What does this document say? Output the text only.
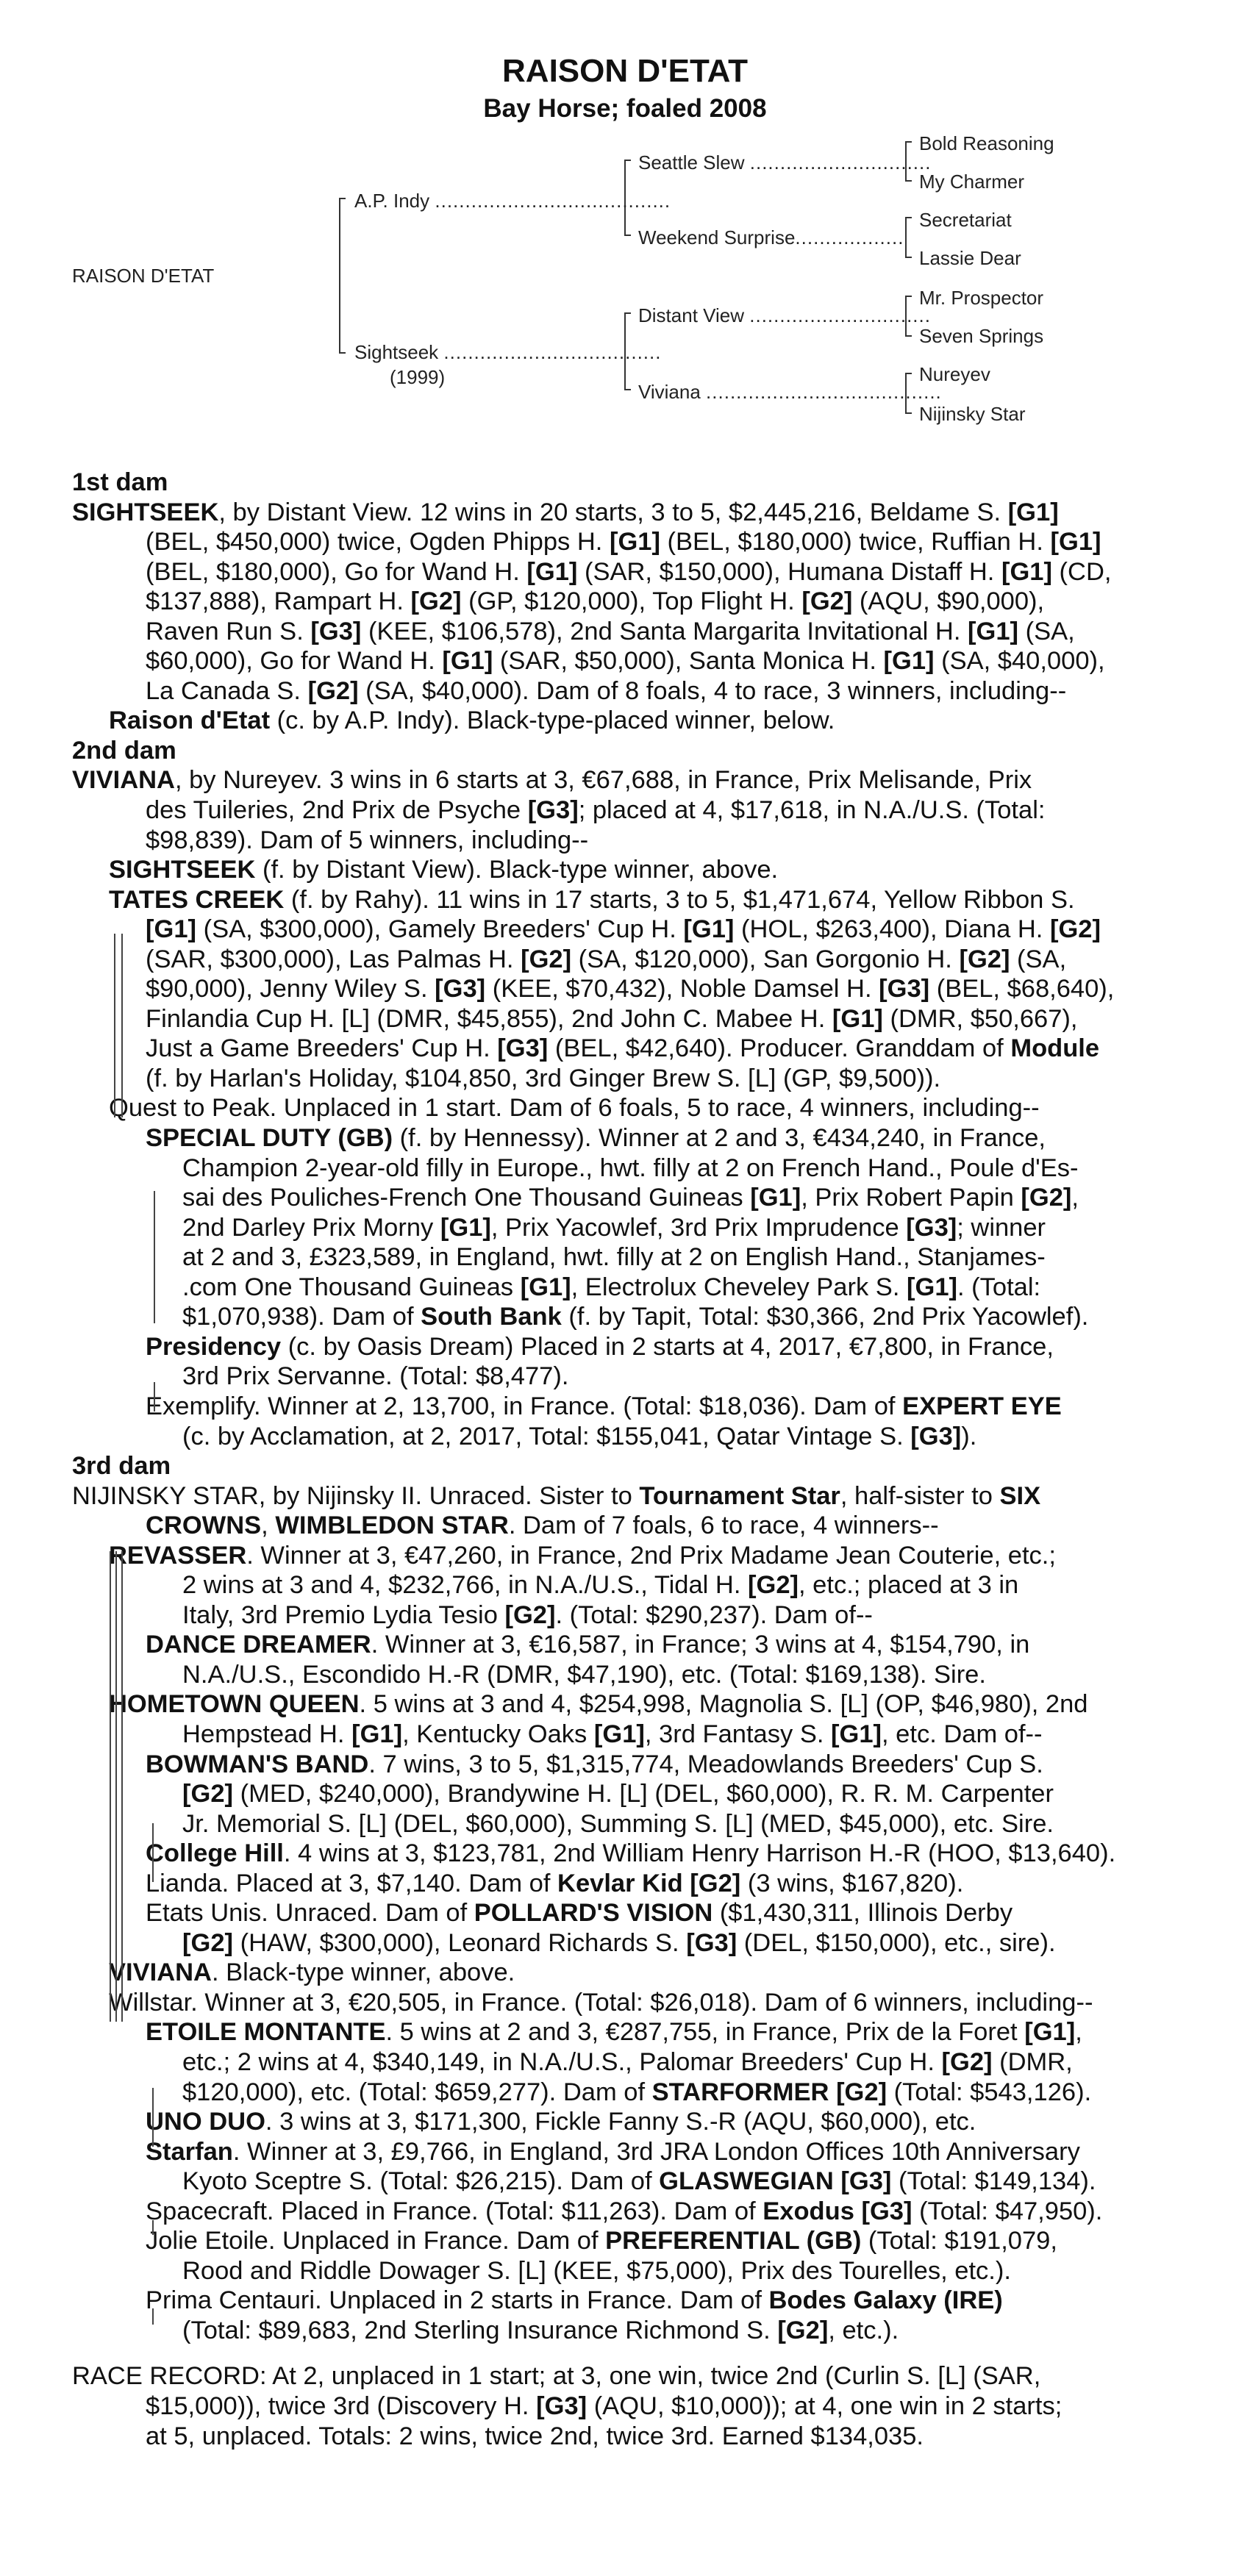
RAISON D'ETAT
Bay Horse; foaled 2008
RAISON D'ETAT
A.P. Indy .......................................
Sightseek ....................................
(1999)
Seattle Slew ..............................
Weekend Surprise..................
Distant View ..............................
Viviana .......................................
Bold Reasoning
My Charmer
Secretariat
Lassie Dear
Mr. Prospector
Seven Springs
Nureyev
Nijinsky Star
1st dam
SIGHTSEEK, by Distant View. 12 wins in 20 starts, 3 to 5, $2,445,216, Beldame S. [G1]
(BEL, $450,000) twice, Ogden Phipps H. [G1] (BEL, $180,000) twice, Ruffian H. [G1]
(BEL, $180,000), Go for Wand H. [G1] (SAR, $150,000), Humana Distaff H. [G1] (CD,
$137,888), Rampart H. [G2] (GP, $120,000), Top Flight H. [G2] (AQU, $90,000),
Raven Run S. [G3] (KEE, $106,578), 2nd Santa Margarita Invitational H. [G1] (SA,
$60,000), Go for Wand H. [G1] (SAR, $50,000), Santa Monica H. [G1] (SA, $40,000),
La Canada S. [G2] (SA, $40,000). Dam of 8 foals, 4 to race, 3 winners, including--
Raison d'Etat (c. by A.P. Indy). Black-type-placed winner, below.
2nd dam
VIVIANA, by Nureyev. 3 wins in 6 starts at 3, €67,688, in France, Prix Melisande, Prix
des Tuileries, 2nd Prix de Psyche [G3]; placed at 4, $17,618, in N.A./U.S. (Total:
$98,839). Dam of 5 winners, including--
SIGHTSEEK (f. by Distant View). Black-type winner, above.
TATES CREEK (f. by Rahy). 11 wins in 17 starts, 3 to 5, $1,471,674, Yellow Ribbon S.
[G1] (SA, $300,000), Gamely Breeders' Cup H. [G1] (HOL, $263,400), Diana H. [G2]
(SAR, $300,000), Las Palmas H. [G2] (SA, $120,000), San Gorgonio H. [G2] (SA,
$90,000), Jenny Wiley S. [G3] (KEE, $70,432), Noble Damsel H. [G3] (BEL, $68,640),
Finlandia Cup H. [L] (DMR, $45,855), 2nd John C. Mabee H. [G1] (DMR, $50,667),
Just a Game Breeders' Cup H. [G3] (BEL, $42,640). Producer. Granddam of Module
(f. by Harlan's Holiday, $104,850, 3rd Ginger Brew S. [L] (GP, $9,500)).
Quest to Peak. Unplaced in 1 start. Dam of 6 foals, 5 to race, 4 winners, including--
SPECIAL DUTY (GB) (f. by Hennessy). Winner at 2 and 3, €434,240, in France,
Champion 2-year-old filly in Europe., hwt. filly at 2 on French Hand., Poule d'Es-
sai des Pouliches-French One Thousand Guineas [G1], Prix Robert Papin [G2],
2nd Darley Prix Morny [G1], Prix Yacowlef, 3rd Prix Imprudence [G3]; winner
at 2 and 3, £323,589, in England, hwt. filly at 2 on English Hand., Stanjames-
.com One Thousand Guineas [G1], Electrolux Cheveley Park S. [G1]. (Total:
$1,070,938). Dam of South Bank (f. by Tapit, Total: $30,366, 2nd Prix Yacowlef).
Presidency (c. by Oasis Dream) Placed in 2 starts at 4, 2017, €7,800, in France,
3rd Prix Servanne. (Total: $8,477).
Exemplify. Winner at 2, 13,700, in France. (Total: $18,036). Dam of EXPERT EYE
(c. by Acclamation, at 2, 2017, Total: $155,041, Qatar Vintage S. [G3]).
3rd dam
NIJINSKY STAR, by Nijinsky II. Unraced. Sister to Tournament Star, half-sister to SIX
CROWNS, WIMBLEDON STAR. Dam of 7 foals, 6 to race, 4 winners--
REVASSER. Winner at 3, €47,260, in France, 2nd Prix Madame Jean Couterie, etc.;
2 wins at 3 and 4, $232,766, in N.A./U.S., Tidal H. [G2], etc.; placed at 3 in
Italy, 3rd Premio Lydia Tesio [G2]. (Total: $290,237). Dam of--
DANCE DREAMER. Winner at 3, €16,587, in France; 3 wins at 4, $154,790, in
N.A./U.S., Escondido H.-R (DMR, $47,190), etc. (Total: $169,138). Sire.
HOMETOWN QUEEN. 5 wins at 3 and 4, $254,998, Magnolia S. [L] (OP, $46,980), 2nd
Hempstead H. [G1], Kentucky Oaks [G1], 3rd Fantasy S. [G1], etc. Dam of--
BOWMAN'S BAND. 7 wins, 3 to 5, $1,315,774, Meadowlands Breeders' Cup S.
[G2] (MED, $240,000), Brandywine H. [L] (DEL, $60,000), R. R. M. Carpenter
Jr. Memorial S. [L] (DEL, $60,000), Summing S. [L] (MED, $45,000), etc. Sire.
College Hill. 4 wins at 3, $123,781, 2nd William Henry Harrison H.-R (HOO, $13,640).
Lianda. Placed at 3, $7,140. Dam of Kevlar Kid [G2] (3 wins, $167,820).
Etats Unis. Unraced. Dam of POLLARD'S VISION ($1,430,311, Illinois Derby
[G2] (HAW, $300,000), Leonard Richards S. [G3] (DEL, $150,000), etc., sire).
VIVIANA. Black-type winner, above.
Willstar. Winner at 3, €20,505, in France. (Total: $26,018). Dam of 6 winners, including--
ETOILE MONTANTE. 5 wins at 2 and 3, €287,755, in France, Prix de la Foret [G1],
etc.; 2 wins at 4, $340,149, in N.A./U.S., Palomar Breeders' Cup H. [G2] (DMR,
$120,000), etc. (Total: $659,277). Dam of STARFORMER [G2] (Total: $543,126).
UNO DUO. 3 wins at 3, $171,300, Fickle Fanny S.-R (AQU, $60,000), etc.
Starfan. Winner at 3, £9,766, in England, 3rd JRA London Offices 10th Anniversary
Kyoto Sceptre S. (Total: $26,215). Dam of GLASWEGIAN [G3] (Total: $149,134).
Spacecraft. Placed in France. (Total: $11,263). Dam of Exodus [G3] (Total: $47,950).
Jolie Etoile. Unplaced in France. Dam of PREFERENTIAL (GB) (Total: $191,079,
Rood and Riddle Dowager S. [L] (KEE, $75,000), Prix des Tourelles, etc.).
Prima Centauri. Unplaced in 2 starts in France. Dam of Bodes Galaxy (IRE)
(Total: $89,683, 2nd Sterling Insurance Richmond S. [G2], etc.).
RACE RECORD: At 2, unplaced in 1 start; at 3, one win, twice 2nd (Curlin S. [L] (SAR,
$15,000)), twice 3rd (Discovery H. [G3] (AQU, $10,000)); at 4, one win in 2 starts;
at 5, unplaced. Totals: 2 wins, twice 2nd, twice 3rd. Earned $134,035.
